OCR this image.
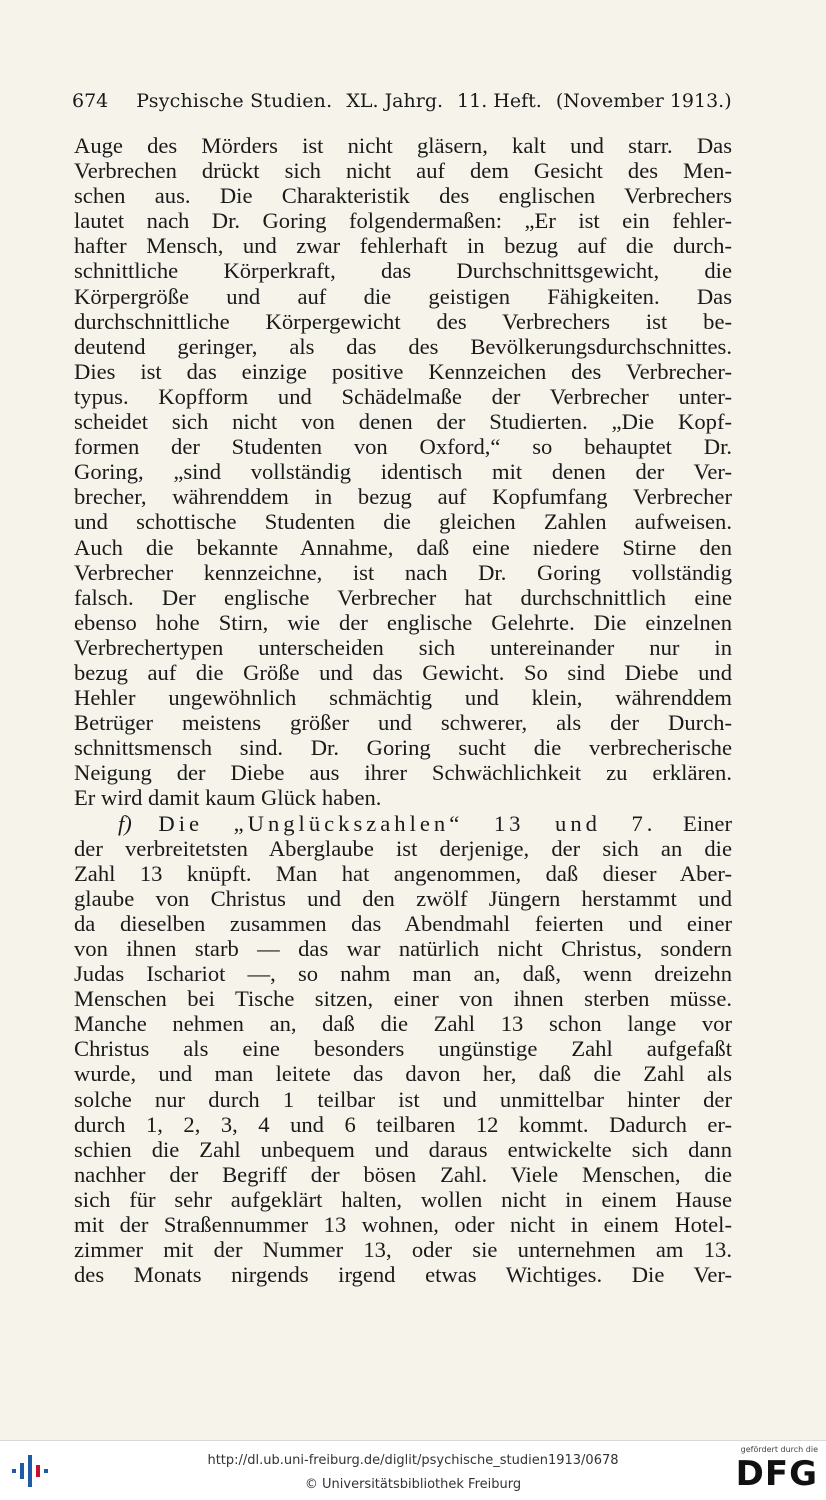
674 Psychische Studien. XL. Jahrg. 11. Heft. (November 1913.)
Auge des Mörders ist nicht gläsern, kalt und starr. Das
Verbrechen drückt sich nicht auf dem Gesicht des Men-
schen aus. Die Charakteristik des englischen Verbrechers
lautet nach Dr. Goring folgendermaßen: „Er ist ein fehler-
hafter Mensch, und zwar fehlerhaft in bezug auf die durch-
schnittliche Körperkraft, das Durchschnittsgewicht, die
Körpergröße und auf die geistigen Fähigkeiten. Das
durchschnittliche Körpergewicht des Verbrechers ist be-
deutend geringer, als das des Bevölkerungsdurchschnittes.
Dies ist das einzige positive Kennzeichen des Verbrecher-
typus. Kopfform und Schädelmaße der Verbrecher unter-
scheidet sich nicht von denen der Studierten. „Die Kopf-
formen der Studenten von Oxford,“ so behauptet Dr.
Goring, „sind vollständig identisch mit denen der Ver-
brecher, währenddem in bezug auf Kopfumfang Verbrecher
und schottische Studenten die gleichen Zahlen aufweisen.
Auch die bekannte Annahme, daß eine niedere Stirne den
Verbrecher kennzeichne, ist nach Dr. Goring vollständig
falsch. Der englische Verbrecher hat durchschnittlich eine
ebenso hohe Stirn, wie der englische Gelehrte. Die einzelnen
Verbrechertypen unterscheiden sich untereinander nur in
bezug auf die Größe und das Gewicht. So sind Diebe und
Hehler ungewöhnlich schmächtig und klein, währenddem
Betrüger meistens größer und schwerer, als der Durch-
schnittsmensch sind. Dr. Goring sucht die verbrecherische
Neigung der Diebe aus ihrer Schwächlichkeit zu erklären.
Er wird damit kaum Glück haben.
f) Die „Unglückszahlen“ 13 und 7. Einer
der verbreitetsten Aberglaube ist derjenige, der sich an die
Zahl 13 knüpft. Man hat angenommen, daß dieser Aber-
glaube von Christus und den zwölf Jüngern herstammt und
da dieselben zusammen das Abendmahl feierten und einer
von ihnen starb — das war natürlich nicht Christus, sondern
Judas Ischariot —, so nahm man an, daß, wenn dreizehn
Menschen bei Tische sitzen, einer von ihnen sterben müsse.
Manche nehmen an, daß die Zahl 13 schon lange vor
Christus als eine besonders ungünstige Zahl aufgefaßt
wurde, und man leitete das davon her, daß die Zahl als
solche nur durch 1 teilbar ist und unmittelbar hinter der
durch 1, 2, 3, 4 und 6 teilbaren 12 kommt. Dadurch er-
schien die Zahl unbequem und daraus entwickelte sich dann
nachher der Begriff der bösen Zahl. Viele Menschen, die
sich für sehr aufgeklärt halten, wollen nicht in einem Hause
mit der Straßennummer 13 wohnen, oder nicht in einem Hotel-
zimmer mit der Nummer 13, oder sie unternehmen am 13.
des Monats nirgends irgend etwas Wichtiges. Die Ver-
http://dl.ub.uni-freiburg.de/diglit/psychische_studien1913/0678
© Universitätsbibliothek Freiburg
gefördert durch die
DFG
